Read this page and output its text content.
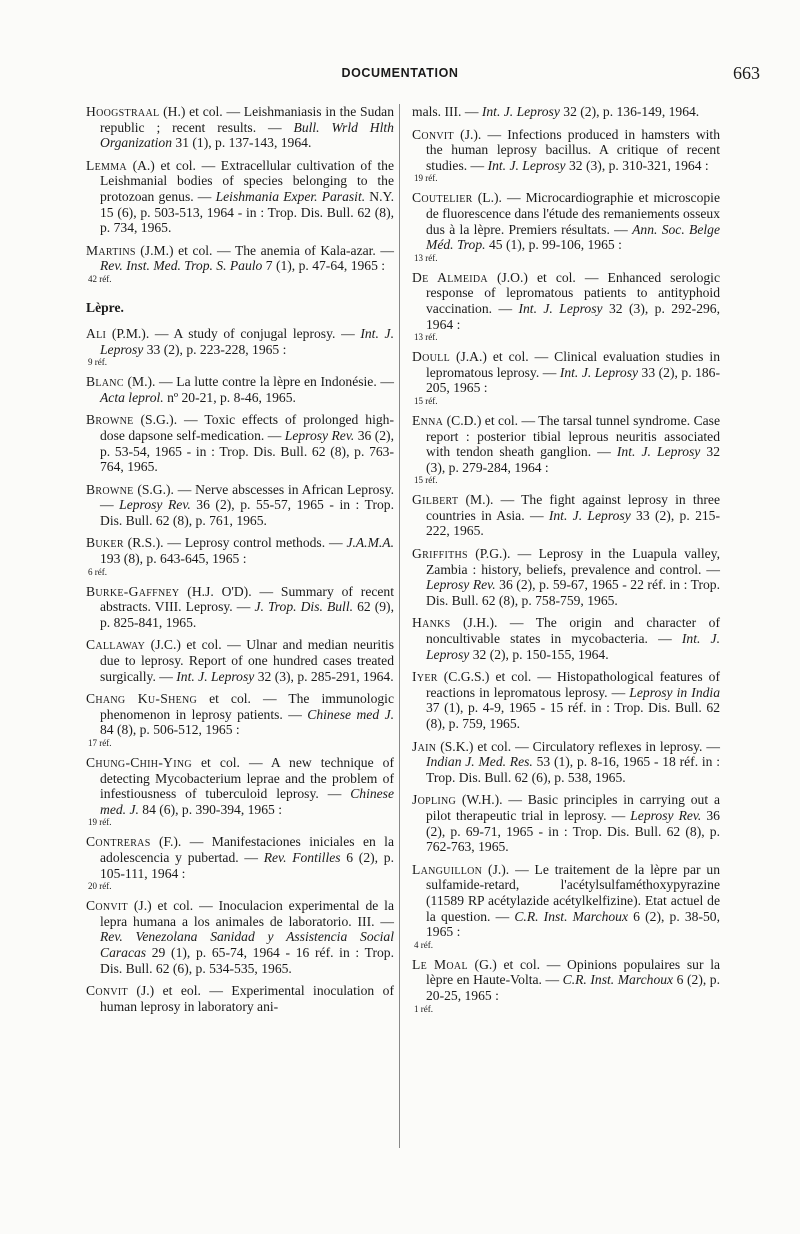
DOCUMENTATION	663
Hoogstraal (H.) et col. — Leishmaniasis in the Sudan republic ; recent results. — Bull. Wrld Hlth Organization 31 (1), p. 137-143, 1964.
Lemma (A.) et col. — Extracellular cultivation of the Leishmanial bodies of species belonging to the protozoan genus. — Leishmania Exper. Parasit. N.Y. 15 (6), p. 503-513, 1964 - in : Trop. Dis. Bull. 62 (8), p. 734, 1965.
Martins (J.M.) et col. — The anemia of Kala-azar. — Rev. Inst. Med. Trop. S. Paulo 7 (1), p. 47-64, 1965 :
42 réf.
Lèpre.
Ali (P.M.). — A study of conjugal leprosy. — Int. J. Leprosy 33 (2), p. 223-228, 1965 :
9 réf.
Blanc (M.). — La lutte contre la lèpre en Indonésie. — Acta leprol. nº 20-21, p. 8-46, 1965.
Browne (S.G.). — Toxic effects of prolonged high-dose dapsone self-medication. — Leprosy Rev. 36 (2), p. 53-54, 1965 - in : Trop. Dis. Bull. 62 (8), p. 763-764, 1965.
Browne (S.G.). — Nerve abscesses in African Leprosy. — Leprosy Rev. 36 (2), p. 55-57, 1965 - in : Trop. Dis. Bull. 62 (8), p. 761, 1965.
Buker (R.S.). — Leprosy control methods. — J.A.M.A. 193 (8), p. 643-645, 1965 :
6 réf.
Burke-Gaffney (H.J. O'D). — Summary of recent abstracts. VIII. Leprosy. — J. Trop. Dis. Bull. 62 (9), p. 825-841, 1965.
Callaway (J.C.) et col. — Ulnar and median neuritis due to leprosy. Report of one hundred cases treated surgically. — Int. J. Leprosy 32 (3), p. 285-291, 1964.
Chang Ku-Sheng et col. — The immunologic phenomenon in leprosy patients. — Chinese med J. 84 (8), p. 506-512, 1965 :
17 réf.
Chung-Chih-Ying et col. — A new technique of detecting Mycobacterium leprae and the problem of infestiousness of tuberculoid leprosy. — Chinese med. J. 84 (6), p. 390-394, 1965 :
19 réf.
Contreras (F.). — Manifestaciones iniciales en la adolescencia y pubertad. — Rev. Fontilles 6 (2), p. 105-111, 1964 :
20 réf.
Convit (J.) et col. — Inoculacion experimental de la lepra humana a los animales de laboratorio. III. — Rev. Venezolana Sanidad y Assistencia Social Caracas 29 (1), p. 65-74, 1964 - 16 réf. in : Trop. Dis. Bull. 62 (6), p. 534-535, 1965.
Convit (J.) et eol. — Experimental inoculation of human leprosy in laboratory ani-
mals. III. — Int. J. Leprosy 32 (2), p. 136-149, 1964.
Convit (J.). — Infections produced in hamsters with the human leprosy bacillus. A critique of recent studies. — Int. J. Leprosy 32 (3), p. 310-321, 1964 :
19 réf.
Coutelier (L.). — Microcardiographie et microscopie de fluorescence dans l'étude des remaniements osseux dus à la lèpre. Premiers résultats. — Ann. Soc. Belge Méd. Trop. 45 (1), p. 99-106, 1965 :
13 réf.
De Almeida (J.O.) et col. — Enhanced serologic response of lepromatous patients to antityphoid vaccination. — Int. J. Leprosy 32 (3), p. 292-296, 1964 :
13 réf.
Doull (J.A.) et col. — Clinical evaluation studies in lepromatous leprosy. — Int. J. Leprosy 33 (2), p. 186-205, 1965 :
15 réf.
Enna (C.D.) et col. — The tarsal tunnel syndrome. Case report : posterior tibial leprous neuritis associated with tendon sheath ganglion. — Int. J. Leprosy 32 (3), p. 279-284, 1964 :
15 réf.
Gilbert (M.). — The fight against leprosy in three countries in Asia. — Int. J. Leprosy 33 (2), p. 215-222, 1965.
Griffiths (P.G.). — Leprosy in the Luapula valley, Zambia : history, beliefs, prevalence and control. — Leprosy Rev. 36 (2), p. 59-67, 1965 - 22 réf. in : Trop. Dis. Bull. 62 (8), p. 758-759, 1965.
Hanks (J.H.). — The origin and character of noncultivable states in mycobacteria. — Int. J. Leprosy 32 (2), p. 150-155, 1964.
Iyer (C.G.S.) et col. — Histopathological features of reactions in lepromatous leprosy. — Leprosy in India 37 (1), p. 4-9, 1965 - 15 réf. in : Trop. Dis. Bull. 62 (8), p. 759, 1965.
Jain (S.K.) et col. — Circulatory reflexes in leprosy. — Indian J. Med. Res. 53 (1), p. 8-16, 1965 - 18 réf. in : Trop. Dis. Bull. 62 (6), p. 538, 1965.
Jopling (W.H.). — Basic principles in carrying out a pilot therapeutic trial in leprosy. — Leprosy Rev. 36 (2), p. 69-71, 1965 - in : Trop. Dis. Bull. 62 (8), p. 762-763, 1965.
Languillon (J.). — Le traitement de la lèpre par un sulfamide-retard, l'acétylsulfaméthoxypyrazine (11589 RP acétylazide acétylkelfizine). Etat actuel de la question. — C.R. Inst. Marchoux 6 (2), p. 38-50, 1965 :
4 réf.
Le Moal (G.) et col. — Opinions populaires sur la lèpre en Haute-Volta. — C.R. Inst. Marchoux 6 (2), p. 20-25, 1965 :
1 réf.
